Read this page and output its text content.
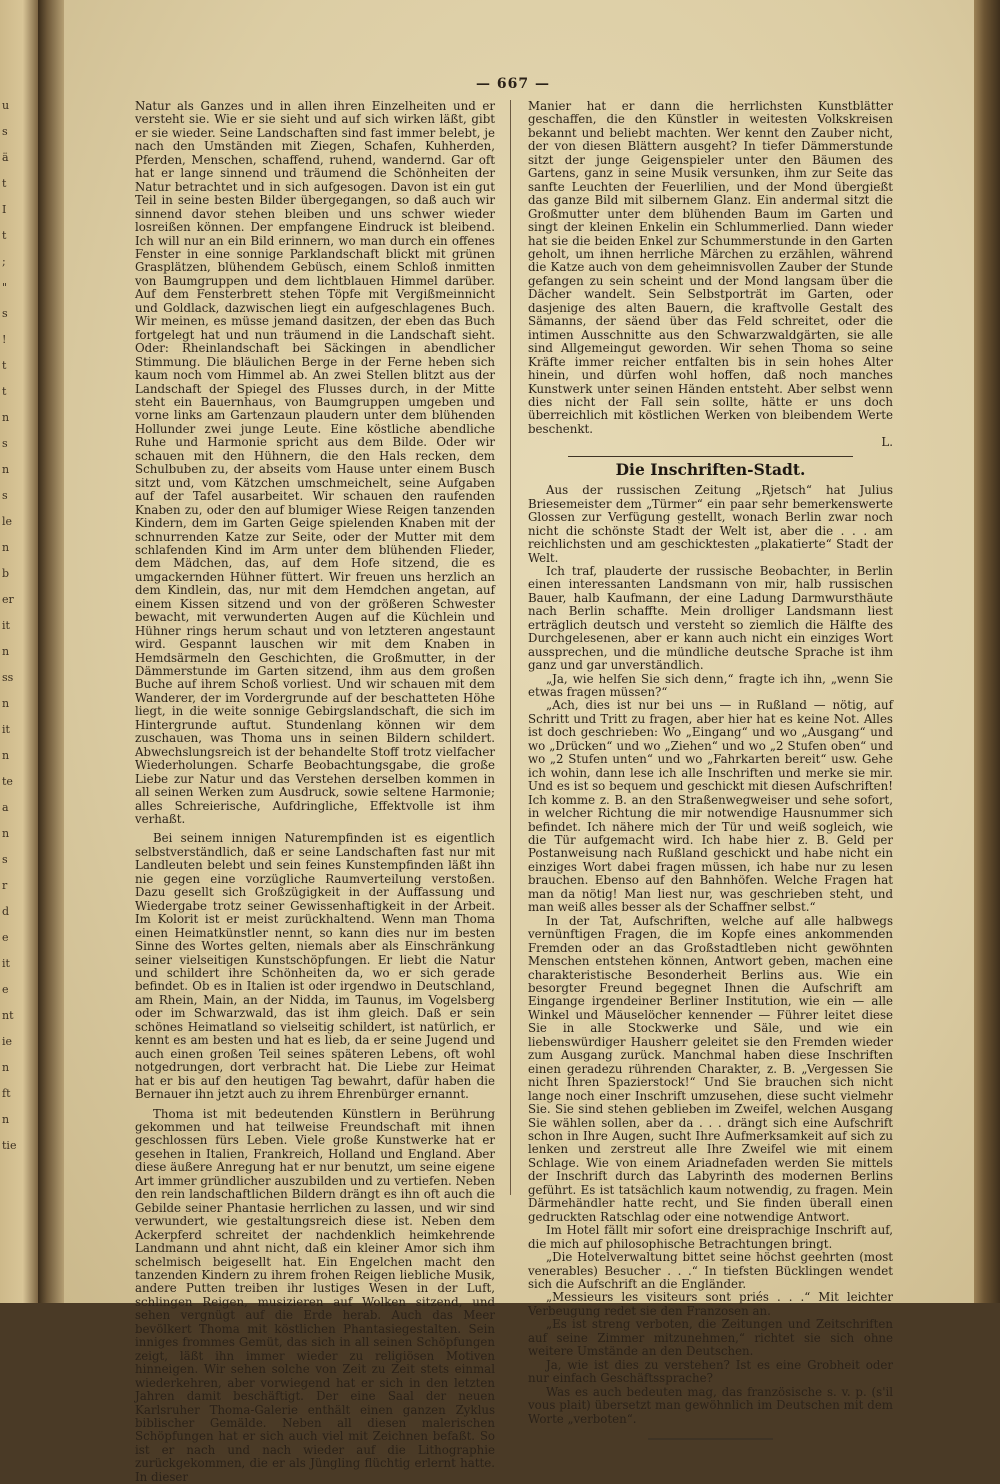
u
s
ä
t
I
t
;
"
s
!
t
t
n
s
n
s
le
n
b
er
it
n
ss
n
it
n
te
a
n
s
r
d
e
it
e
nt
ie
n
ft
n
tie
— 667 —

Natur als Ganzes und in allen ihren Einzelheiten und er versteht sie. Wie er sie sieht und auf sich wirken läßt, gibt er sie wieder. Seine Landschaften sind fast immer belebt, je nach den Umständen mit Ziegen, Schafen, Kuhherden, Pferden, Menschen, schaffend, ruhend, wandernd. Gar oft hat er lange sinnend und träumend die Schönheiten der Natur betrachtet und in sich aufgesogen. Davon ist ein gut Teil in seine besten Bilder übergegangen, so daß auch wir sinnend davor stehen bleiben und uns schwer wieder losreißen können. Der empfangene Eindruck ist bleibend. Ich will nur an ein Bild erinnern, wo man durch ein offenes Fenster in eine sonnige Parklandschaft blickt mit grünen Grasplätzen, blühendem Gebüsch, einem Schloß inmitten von Baumgruppen und dem lichtblauen Himmel darüber. Auf dem Fensterbrett stehen Töpfe mit Vergißmeinnicht und Goldlack, dazwischen liegt ein aufgeschlagenes Buch. Wir meinen, es müsse jemand dasitzen, der eben das Buch fortgelegt hat und nun träumend in die Landschaft sieht. Oder: Rheinlandschaft bei Säckingen in abendlicher Stimmung. Die bläulichen Berge in der Ferne heben sich kaum noch vom Himmel ab. An zwei Stellen blitzt aus der Landschaft der Spiegel des Flusses durch, in der Mitte steht ein Bauernhaus, von Baumgruppen umgeben und vorne links am Gartenzaun plaudern unter dem blühenden Hollunder zwei junge Leute. Eine köstliche abendliche Ruhe und Harmonie spricht aus dem Bilde. Oder wir schauen mit den Hühnern, die den Hals recken, dem Schulbuben zu, der abseits vom Hause unter einem Busch sitzt und, vom Kätzchen umschmeichelt, seine Aufgaben auf der Tafel ausarbeitet. Wir schauen den raufenden Knaben zu, oder den auf blumiger Wiese Reigen tanzenden Kindern, dem im Garten Geige spielenden Knaben mit der schnurrenden Katze zur Seite, oder der Mutter mit dem schlafenden Kind im Arm unter dem blühenden Flieder, dem Mädchen, das, auf dem Hofe sitzend, die es umgackernden Hühner füttert. Wir freuen uns herzlich an dem Kindlein, das, nur mit dem Hemdchen angetan, auf einem Kissen sitzend und von der größeren Schwester bewacht, mit verwunderten Augen auf die Küchlein und Hühner rings herum schaut und von letzteren angestaunt wird. Gespannt lauschen wir mit dem Knaben in Hemdsärmeln den Geschichten, die Großmutter, in der Dämmerstunde im Garten sitzend, ihm aus dem großen Buche auf ihrem Schoß vorliest. Und wir schauen mit dem Wanderer, der im Vordergrunde auf der beschatteten Höhe liegt, in die weite sonnige Gebirgslandschaft, die sich im Hintergrunde auftut. Stundenlang können wir dem zuschauen, was Thoma uns in seinen Bildern schildert. Abwechslungsreich ist der behandelte Stoff trotz vielfacher Wiederholungen. Scharfe Beobachtungsgabe, die große Liebe zur Natur und das Verstehen derselben kommen in all seinen Werken zum Ausdruck, sowie seltene Harmonie; alles Schreierische, Aufdringliche, Effektvolle ist ihm verhaßt.

Bei seinem innigen Naturempfinden ist es eigentlich selbstverständlich, daß er seine Landschaften fast nur mit Landleuten belebt und sein feines Kunstempfinden läßt ihn nie gegen eine vorzügliche Raumverteilung verstoßen. Dazu gesellt sich Großzügigkeit in der Auffassung und Wiedergabe trotz seiner Gewissenhaftigkeit in der Arbeit. Im Kolorit ist er meist zurückhaltend. Wenn man Thoma einen Heimatkünstler nennt, so kann dies nur im besten Sinne des Wortes gelten, niemals aber als Einschränkung seiner vielseitigen Kunstschöpfungen. Er liebt die Natur und schildert ihre Schönheiten da, wo er sich gerade befindet. Ob es in Italien ist oder irgendwo in Deutschland, am Rhein, Main, an der Nidda, im Taunus, im Vogelsberg oder im Schwarzwald, das ist ihm gleich. Daß er sein schönes Heimatland so vielseitig schildert, ist natürlich, er kennt es am besten und hat es lieb, da er seine Jugend und auch einen großen Teil seines späteren Lebens, oft wohl notgedrungen, dort verbracht hat. Die Liebe zur Heimat hat er bis auf den heutigen Tag bewahrt, dafür haben die Bernauer ihn jetzt auch zu ihrem Ehrenbürger ernannt.

Thoma ist mit bedeutenden Künstlern in Berührung gekommen und hat teilweise Freundschaft mit ihnen geschlossen fürs Leben. Viele große Kunstwerke hat er gesehen in Italien, Frankreich, Holland und England. Aber diese äußere Anregung hat er nur benutzt, um seine eigene Art immer gründlicher auszubilden und zu vertiefen. Neben den rein landschaftlichen Bildern drängt es ihn oft auch die Gebilde seiner Phantasie herrlichen zu lassen, und wir sind verwundert, wie gestaltungsreich diese ist. Neben dem Ackerpferd schreitet der nachdenklich heimkehrende Landmann und ahnt nicht, daß ein kleiner Amor sich ihm schelmisch beigesellt hat. Ein Engelchen macht den tanzenden Kindern zu ihrem frohen Reigen liebliche Musik, andere Putten treiben ihr lustiges Wesen in der Luft, schlingen Reigen, musizieren auf Wolken sitzend, und sehen vergnügt auf die Erde herab. Auch das Meer bevölkert Thoma mit köstlichen Phantasiegestalten. Sein inniges frommes Gemüt, das sich in all seinen Schöpfungen zeigt, läßt ihn immer wieder zu religiösen Motiven hinneigen. Wir sehen solche von Zeit zu Zeit stets einmal wiederkehren, aber vorwiegend hat er sich in den letzten Jahren damit beschäftigt. Der eine Saal der neuen Karlsruher Thoma-Galerie enthält einen ganzen Zyklus biblischer Gemälde. Neben all diesen malerischen Schöpfungen hat er sich auch viel mit Zeichnen befaßt. So ist er nach und nach wieder auf die Lithographie zurückgekommen, die er als Jüngling flüchtig erlernt hatte. In dieser

Manier hat er dann die herrlichsten Kunstblätter geschaffen, die den Künstler in weitesten Volkskreisen bekannt und beliebt machten. Wer kennt den Zauber nicht, der von diesen Blättern ausgeht? In tiefer Dämmerstunde sitzt der junge Geigenspieler unter den Bäumen des Gartens, ganz in seine Musik versunken, ihm zur Seite das sanfte Leuchten der Feuerlilien, und der Mond übergießt das ganze Bild mit silbernem Glanz. Ein andermal sitzt die Großmutter unter dem blühenden Baum im Garten und singt der kleinen Enkelin ein Schlummerlied. Dann wieder hat sie die beiden Enkel zur Schummerstunde in den Garten geholt, um ihnen herrliche Märchen zu erzählen, während die Katze auch von dem geheimnisvollen Zauber der Stunde gefangen zu sein scheint und der Mond langsam über die Dächer wandelt. Sein Selbstporträt im Garten, oder dasjenige des alten Bauern, die kraftvolle Gestalt des Sämanns, der säend über das Feld schreitet, oder die intimen Ausschnitte aus den Schwarzwaldgärten, sie alle sind Allgemeingut geworden. Wir sehen Thoma so seine Kräfte immer reicher entfalten bis in sein hohes Alter hinein, und dürfen wohl hoffen, daß noch manches Kunstwerk unter seinen Händen entsteht. Aber selbst wenn dies nicht der Fall sein sollte, hätte er uns doch überreichlich mit köstlichen Werken von bleibendem Werte beschenkt.

L.

Die Inschriften-Stadt.

Aus der russischen Zeitung „Rjetsch“ hat Julius Briesemeister dem „Türmer“ ein paar sehr bemerkenswerte Glossen zur Verfügung gestellt, wonach Berlin zwar noch nicht die schönste Stadt der Welt ist, aber die . . . am reichlichsten und am geschicktesten „plakatierte“ Stadt der Welt.

Ich traf, plauderte der russische Beobachter, in Berlin einen interessanten Landsmann von mir, halb russischen Bauer, halb Kaufmann, der eine Ladung Darmwursthäute nach Berlin schaffte. Mein drolliger Landsmann liest erträglich deutsch und versteht so ziemlich die Hälfte des Durchgelesenen, aber er kann auch nicht ein einziges Wort aussprechen, und die mündliche deutsche Sprache ist ihm ganz und gar unverständlich.

„Ja, wie helfen Sie sich denn,“ fragte ich ihn, „wenn Sie etwas fragen müssen?“

„Ach, dies ist nur bei uns — in Rußland — nötig, auf Schritt und Tritt zu fragen, aber hier hat es keine Not. Alles ist doch geschrieben: Wo „Eingang“ und wo „Ausgang“ und wo „Drücken“ und wo „Ziehen“ und wo „2 Stufen oben“ und wo „2 Stufen unten“ und wo „Fahrkarten bereit“ usw. Gehe ich wohin, dann lese ich alle Inschriften und merke sie mir. Und es ist so bequem und geschickt mit diesen Aufschriften! Ich komme z. B. an den Straßenwegweiser und sehe sofort, in welcher Richtung die mir notwendige Hausnummer sich befindet. Ich nähere mich der Tür und weiß sogleich, wie die Tür aufgemacht wird. Ich habe hier z. B. Geld per Postanweisung nach Rußland geschickt und habe nicht ein einziges Wort dabei fragen müssen, ich habe nur zu lesen brauchen. Ebenso auf den Bahnhöfen. Welche Fragen hat man da nötig! Man liest nur, was geschrieben steht, und man weiß alles besser als der Schaffner selbst.“

In der Tat, Aufschriften, welche auf alle halbwegs vernünftigen Fragen, die im Kopfe eines ankommenden Fremden oder an das Großstadtleben nicht gewöhnten Menschen entstehen können, Antwort geben, machen eine charakteristische Besonderheit Berlins aus. Wie ein besorgter Freund begegnet Ihnen die Aufschrift am Eingange irgendeiner Berliner Institution, wie ein — alle Winkel und Mäuselöcher kennender — Führer leitet diese Sie in alle Stockwerke und Säle, und wie ein liebenswürdiger Hausherr geleitet sie den Fremden wieder zum Ausgang zurück. Manchmal haben diese Inschriften einen geradezu rührenden Charakter, z. B. „Vergessen Sie nicht Ihren Spazierstock!“ Und Sie brauchen sich nicht lange noch einer Inschrift umzusehen, diese sucht vielmehr Sie. Sie sind stehen geblieben im Zweifel, welchen Ausgang Sie wählen sollen, aber da . . . drängt sich eine Aufschrift schon in Ihre Augen, sucht Ihre Aufmerksamkeit auf sich zu lenken und zerstreut alle Ihre Zweifel wie mit einem Schlage. Wie von einem Ariadnefaden werden Sie mittels der Inschrift durch das Labyrinth des modernen Berlins geführt. Es ist tatsächlich kaum notwendig, zu fragen. Mein Därmehändler hatte recht, und Sie finden überall einen gedruckten Ratschlag oder eine notwendige Antwort.

Im Hotel fällt mir sofort eine dreisprachige Inschrift auf, die mich auf philosophische Betrachtungen bringt.

„Die Hotelverwaltung bittet seine höchst geehrten (most venerables) Besucher . . .“ In tiefsten Bücklingen wendet sich die Aufschrift an die Engländer.

„Messieurs les visiteurs sont priés . . .“ Mit leichter Verbeugung redet sie den Franzosen an.

„Es ist streng verboten, die Zeitungen und Zeitschriften auf seine Zimmer mitzunehmen,“ richtet sie sich ohne weitere Umstände an den Deutschen.

Ja, wie ist dies zu verstehen? Ist es eine Grobheit oder nur einfach Geschäftssprache?

Was es auch bedeuten mag, das französische s. v. p. (s'il vous plait) übersetzt man gewöhnlich im Deutschen mit dem Worte „verboten“.
